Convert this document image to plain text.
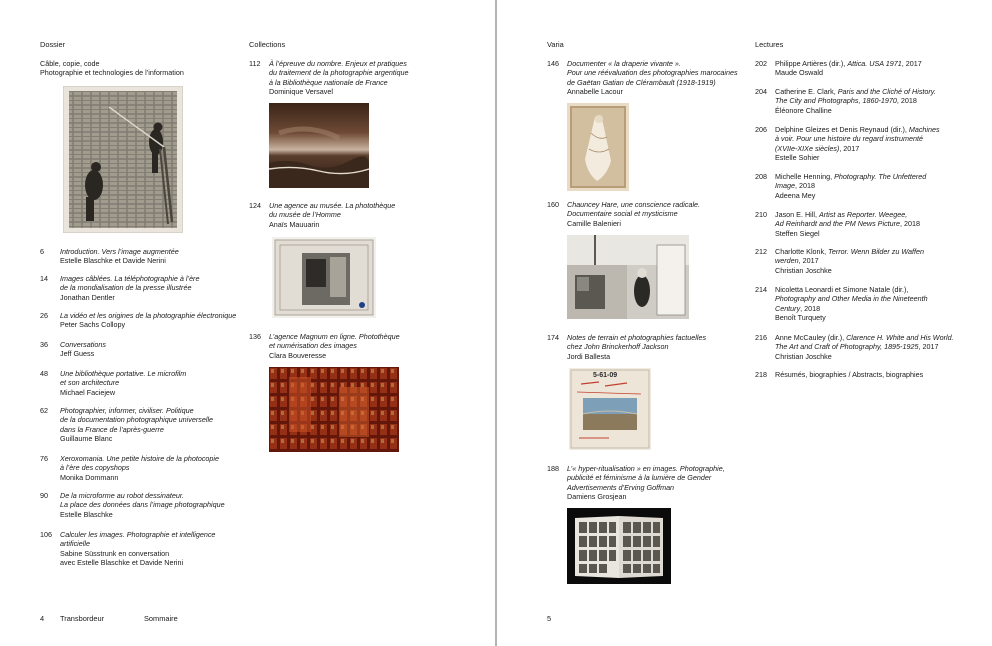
Dossier
Câble, copie, code
Photographie et technologies de l’information
6	Introduction. Vers l’image augmentée
Estelle Blaschke et Davide Nerini
14	Images câblées. La téléphotographie à l’ère
de la mondialisation de la presse illustrée
Jonathan Dentler
26	La vidéo et les origines de la photographie électronique
Peter Sachs Collopy
36	Conversations
Jeff Guess
48	Une bibliothèque portative. Le microfilm
et son architecture
Michael Faciejew
62	Photographier, informer, civiliser. Politique
de la documentation photographique universelle
dans la France de l’après-guerre
Guillaume Blanc
76	Xeroxomania. Une petite histoire de la photocopie
à l’ère des copyshops
Monika Dommann
90	De la microforme au robot dessinateur.
La place des données dans l’image photographique
Estelle Blaschke
106	Calculer les images. Photographie et intelligence
artificielle
Sabine Süsstrunk en conversation
avec Estelle Blaschke et Davide Nerini
4 Transbordeur	Sommaire
Collections
112	À l’épreuve du nombre. Enjeux et pratiques
du traitement de la photographie argentique
à la Bibliothèque nationale de France
Dominique Versavel
124	Une agence au musée. La photothèque
du musée de l’Homme
Anaïs Mauuarin
136	L’agence Magnum en ligne. Photothèque
et numérisation des images
Clara Bouveresse
Varia
146	Documenter « la draperie vivante ».
Pour une réévaluation des photographies marocaines
de Gaëtan Gatian de Clérambault (1918-1919)
Annabelle Lacour
160	Chauncey Hare, une conscience radicale.
Documentaire social et mysticisme
Camille Balenieri
174	Notes de terrain et photographies factuelles
chez John Brinckerhoff Jackson
Jordi Ballesta
5-61-09
188	L’« hyper-ritualisation » en images. Photographie,
publicité et féminisme à la lumière de Gender
Advertisements d’Erving Goffman
Damiens Grosjean
5
Lectures
202	Philippe Artières (dir.), Attica. USA 1971, 2017
Maude Oswald
204	Catherine E. Clark, Paris and the Cliché of History.
The City and Photographs, 1860-1970, 2018
Éléonore Challine
206	Delphine Gleizes et Denis Reynaud (dir.), Machines
à voir. Pour une histoire du regard instrumenté
(XVIIe-XIXe siècles), 2017
Estelle Sohier
208	Michelle Henning, Photography. The Unfettered
Image, 2018
Adeena Mey
210	Jason E. Hill, Artist as Reporter. Weegee,
Ad Reinhardt and the PM News Picture, 2018
Steffen Siegel
212	Charlotte Klonk, Terror. Wenn Bilder zu Waffen
werden, 2017
Christian Joschke
214	Nicoletta Leonardi et Simone Natale (dir.),
Photography and Other Media in the Nineteenth
Century, 2018
Benoît Turquety
216	Anne McCauley (dir.), Clarence H. White and His World.
The Art and Craft of Photography, 1895-1925, 2017
Christian Joschke
218	Résumés, biographies / Abstracts, biographies
